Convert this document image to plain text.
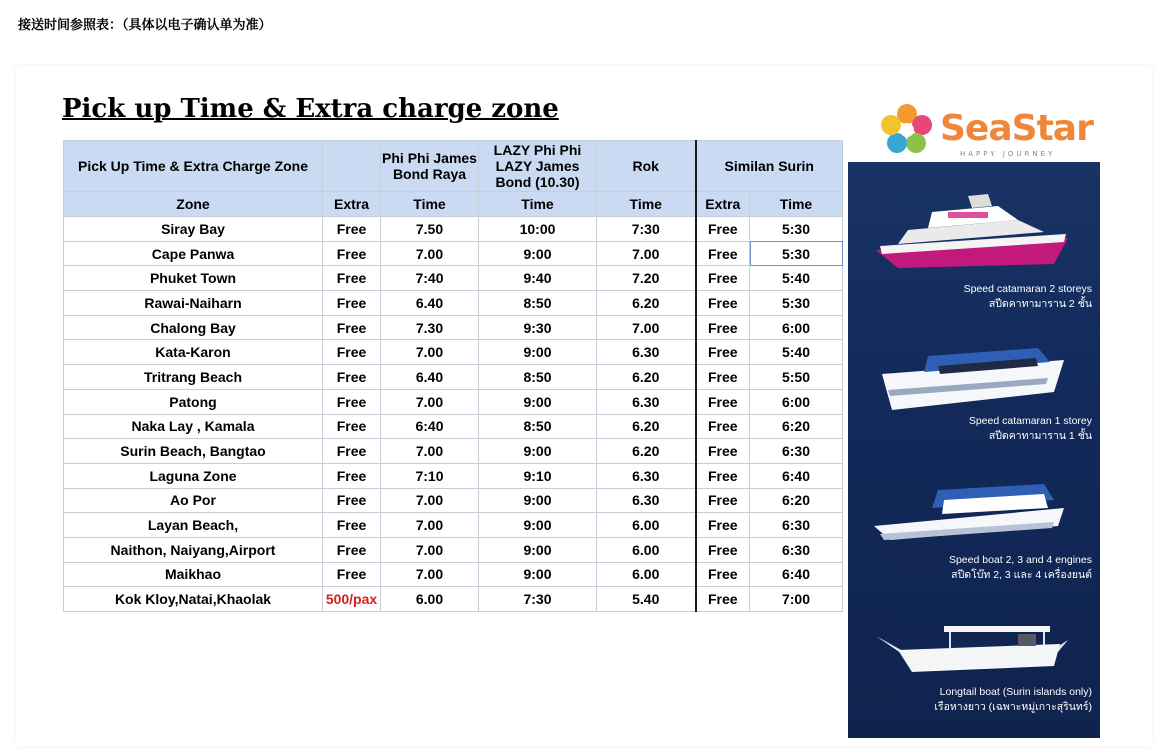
接送时间参照表：（具体以电子确认单为准）
Pick up Time & Extra charge zone
Pick Up Time & Extra Charge Zone		Phi Phi James Bond Raya	LAZY Phi Phi LAZY James Bond (10.30)	Rok	Similan Surin	
Zone	Extra	Time	Time	Time	Extra	Time
Siray Bay	Free	7.50	10:00	7:30	Free	5:30
Cape Panwa	Free	7.00	9:00	7.00	Free	5:30
Phuket Town	Free	7:40	9:40	7.20	Free	5:40
Rawai-Naiharn	Free	6.40	8:50	6.20	Free	5:30
Chalong Bay	Free	7.30	9:30	7.00	Free	6:00
Kata-Karon	Free	7.00	9:00	6.30	Free	5:40
Tritrang Beach	Free	6.40	8:50	6.20	Free	5:50
Patong	Free	7.00	9:00	6.30	Free	6:00
Naka Lay , Kamala	Free	6:40	8:50	6.20	Free	6:20
Surin Beach, Bangtao	Free	7.00	9:00	6.20	Free	6:30
Laguna Zone	Free	7:10	9:10	6.30	Free	6:40
Ao Por	Free	7.00	9:00	6.30	Free	6:20
Layan Beach,	Free	7.00	9:00	6.00	Free	6:30
Naithon, Naiyang,Airport	Free	7.00	9:00	6.00	Free	6:30
Maikhao	Free	7.00	9:00	6.00	Free	6:40
Kok Kloy,Natai,Khaolak	500/pax	6.00	7:30	5.40	Free	7:00
SeaStar
HAPPY JOURNEY
Speed catamaran 2 storeys
สปีดคาทามาราน 2 ชั้น
Speed catamaran 1 storey
สปีดคาทามาราน 1 ชั้น
Speed boat 2, 3 and 4 engines
สปีดโบ๊ท 2, 3 และ 4 เครื่องยนต์
Longtail boat (Surin islands only)
เรือหางยาว (เฉพาะหมู่เกาะสุรินทร์)
